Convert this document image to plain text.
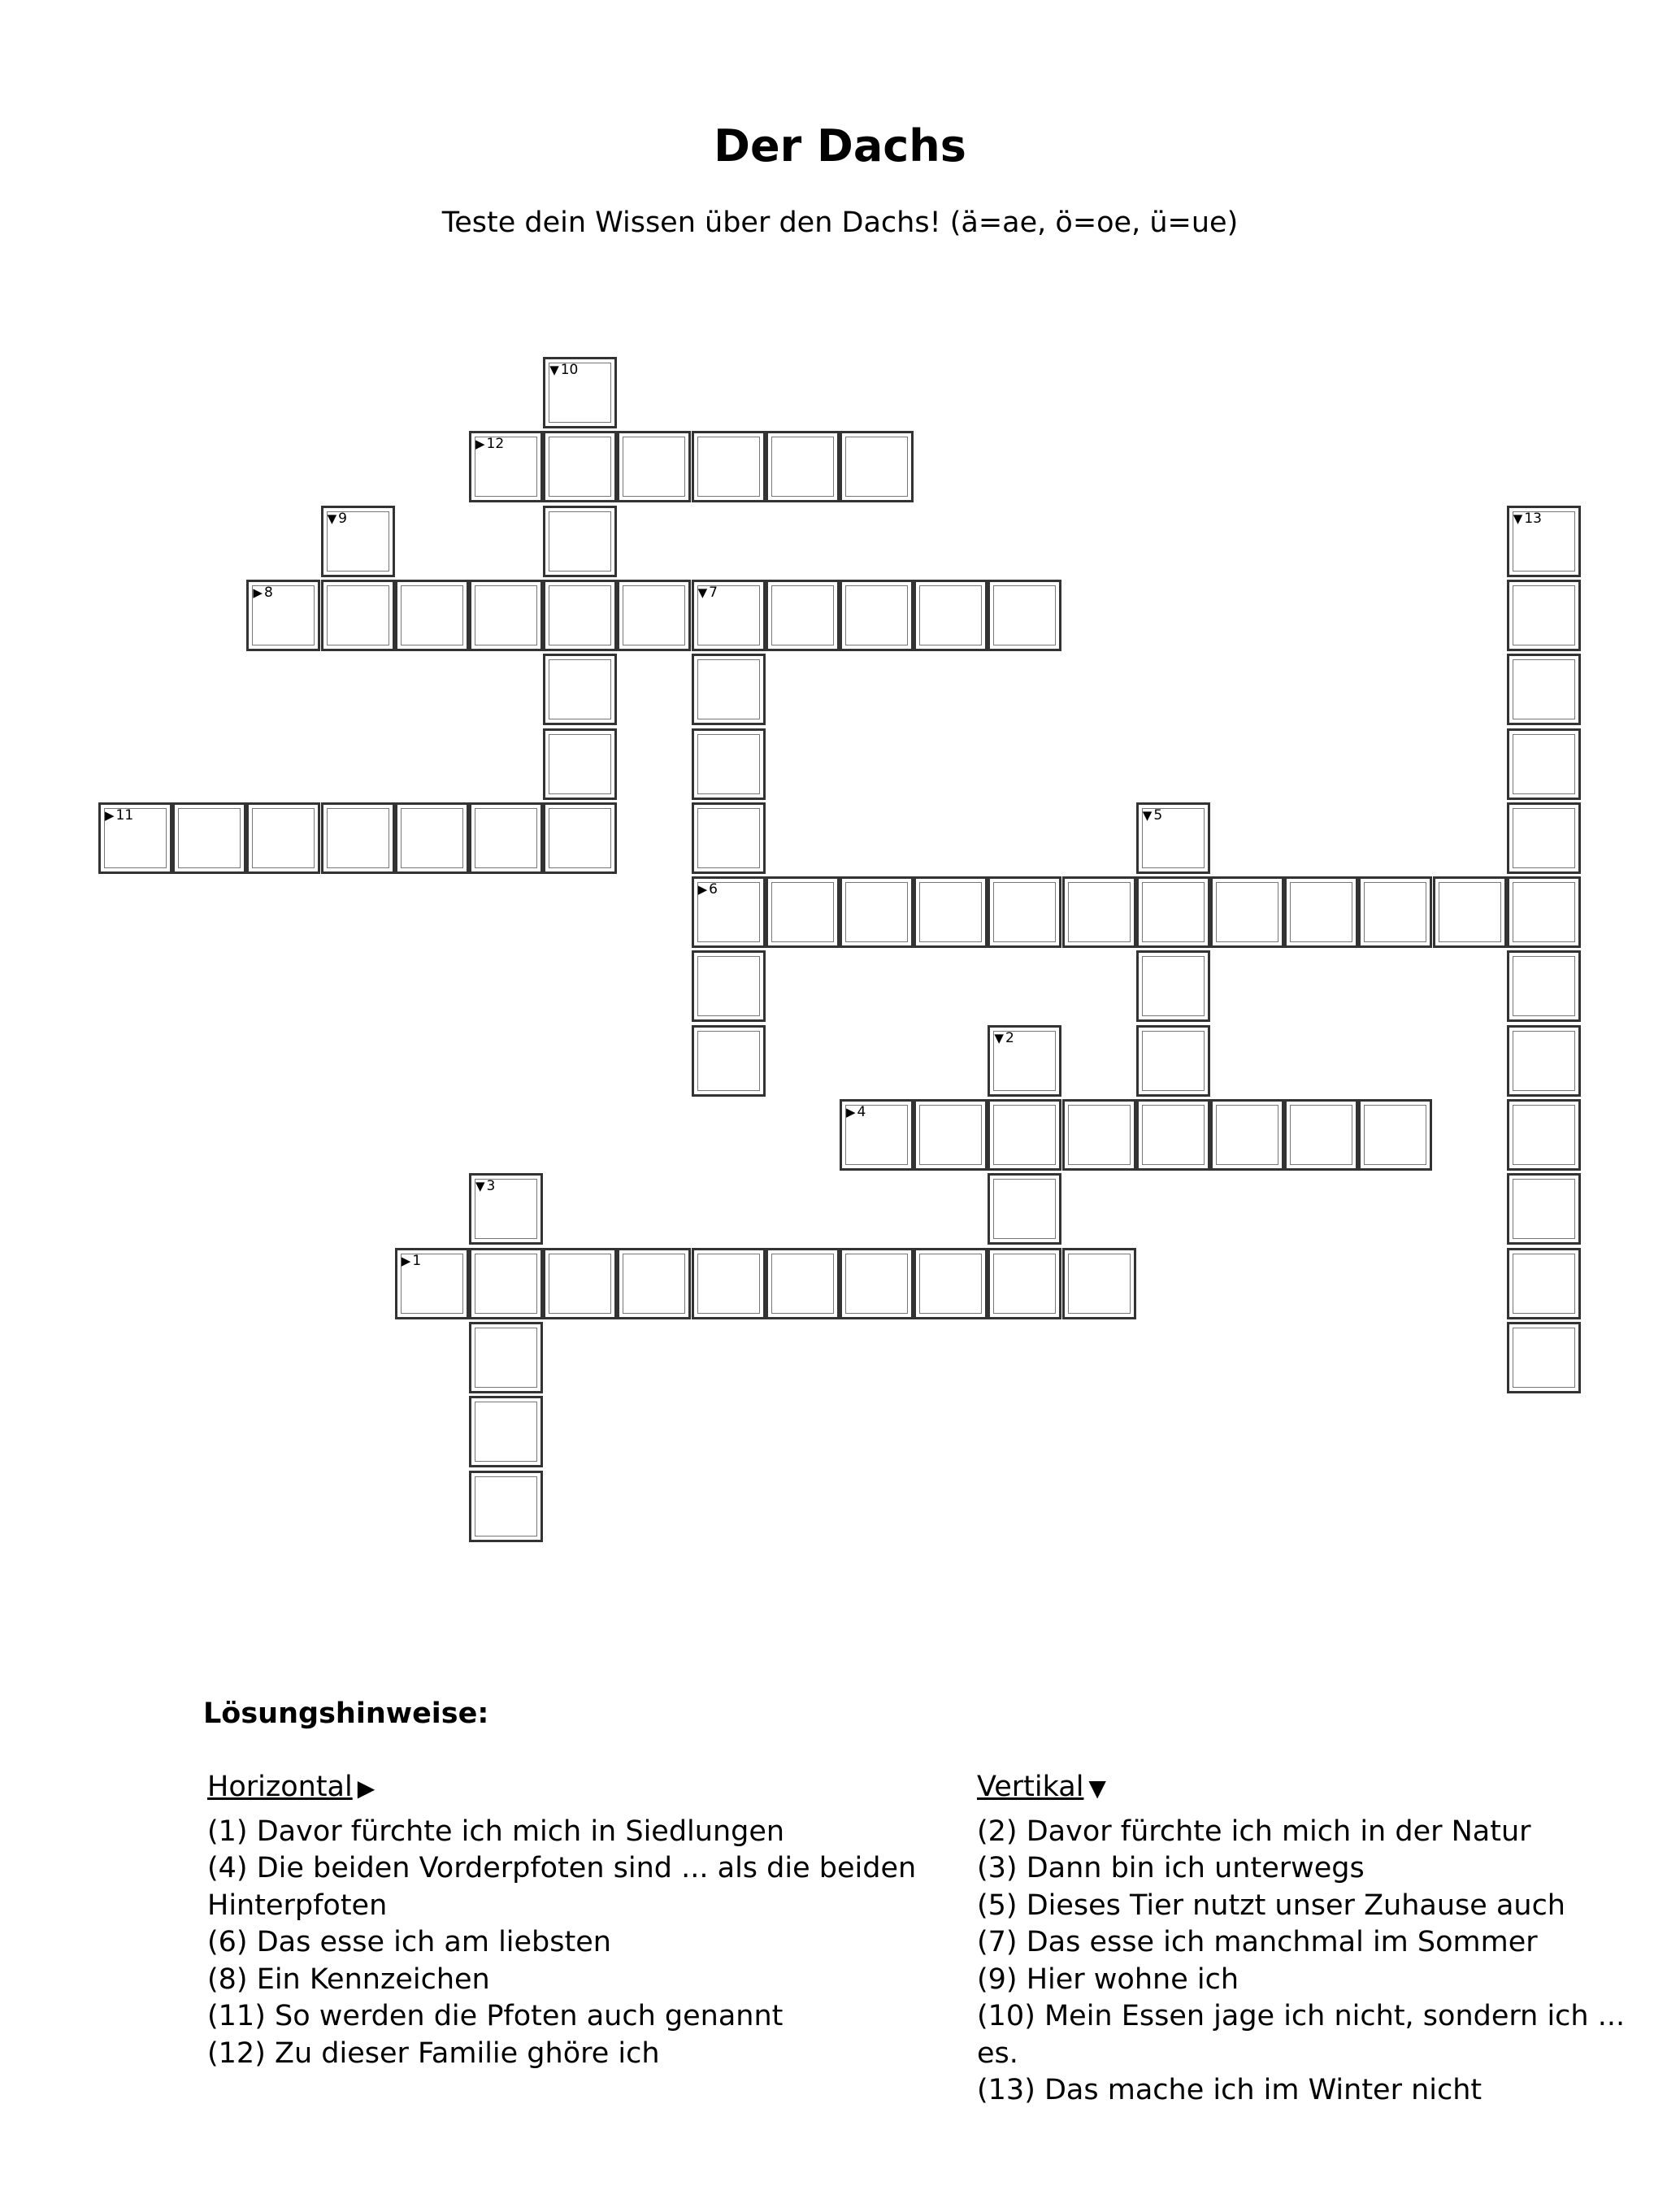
Der Dachs
Teste dein Wissen über den Dachs! (ä=ae, ö=oe, ü=ue)
▶ 1
▼ 2
▼ 3
▶ 4
▼ 5
▶ 6
▼ 7
▶ 8
▼ 9
▼ 10
▶ 11
▶ 12
▼ 13
Lösungshinweise:
Horizontal ▶
(1) Davor fürchte ich mich in Siedlungen
(4) Die beiden Vorderpfoten sind ... als die beiden Hinterpfoten
(6) Das esse ich am liebsten
(8) Ein Kennzeichen
(11) So werden die Pfoten auch genannt
(12) Zu dieser Familie ghöre ich
Vertikal ▼
(2) Davor fürchte ich mich in der Natur
(3) Dann bin ich unterwegs
(5) Dieses Tier nutzt unser Zuhause auch
(7) Das esse ich manchmal im Sommer
(9) Hier wohne ich
(10) Mein Essen jage ich nicht, sondern ich ... es.
(13) Das mache ich im Winter nicht
